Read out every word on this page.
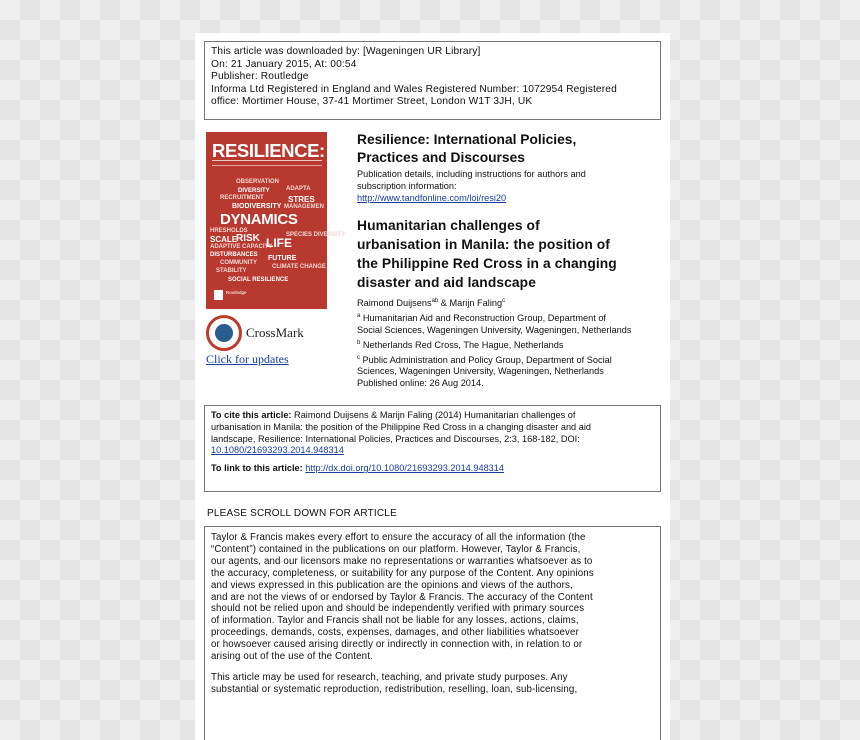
This article was downloaded by: [Wageningen UR Library]
On: 21 January 2015, At: 00:54
Publisher: Routledge
Informa Ltd Registered in England and Wales Registered Number: 1072954 Registered
office: Mortimer House, 37-41 Mortimer Street, London W1T 3JH, UK
RESILIENCE:
OBSERVATION
DIVERSITY	ADAPTA
RECRUITMENT	STRES
BIODIVERSITY MANAGEMEN
DYNAMICS
HRESHOLDS
SCALE
RISK LIFE
ADAPTIVE CAPACITY
SPECIES DIVERSITY
DISTURBANCES
COMMUNITY
FUTURE
CLIMATE CHANGE
STABILITY
SOCIAL RESILIENCE
Routledge
CrossMark
Click for updates
Resilience: International Policies,
Practices and Discourses
Publication details, including instructions for authors and
subscription information:
http://www.tandfonline.com/loi/resi20
Humanitarian challenges of
urbanisation in Manila: the position of
the Philippine Red Cross in a changing
disaster and aid landscape
Raimond Duijsens$^{ab}$ & Marijn Faling$^c$
$^a$ Humanitarian Aid and Reconstruction Group, Department of
Social Sciences, Wageningen University, Wageningen, Netherlands
$^b$ Netherlands Red Cross, The Hague, Netherlands
$^c$ Public Administration and Policy Group, Department of Social
Sciences, Wageningen University, Wageningen, Netherlands
Published online: 26 Aug 2014.
To cite this article: Raimond Duijsens & Marijn Faling (2014) Humanitarian challenges of
urbanisation in Manila: the position of the Philippine Red Cross in a changing disaster and aid
landscape, Resilience: International Policies, Practices and Discourses, 2:3, 168-182, DOI:
10.1080/21693293.2014.948314
To link to this article: http://dx.doi.org/10.1080/21693293.2014.948314
PLEASE SCROLL DOWN FOR ARTICLE
Taylor & Francis makes every effort to ensure the accuracy of all the information (the
“Content”) contained in the publications on our platform. However, Taylor & Francis,
our agents, and our licensors make no representations or warranties whatsoever as to
the accuracy, completeness, or suitability for any purpose of the Content. Any opinions
and views expressed in this publication are the opinions and views of the authors,
and are not the views of or endorsed by Taylor & Francis. The accuracy of the Content
should not be relied upon and should be independently verified with primary sources
of information. Taylor and Francis shall not be liable for any losses, actions, claims,
proceedings, demands, costs, expenses, damages, and other liabilities whatsoever
or howsoever caused arising directly or indirectly in connection with, in relation to or
arising out of the use of the Content.
This article may be used for research, teaching, and private study purposes. Any
substantial or systematic reproduction, redistribution, reselling, loan, sub-licensing,
